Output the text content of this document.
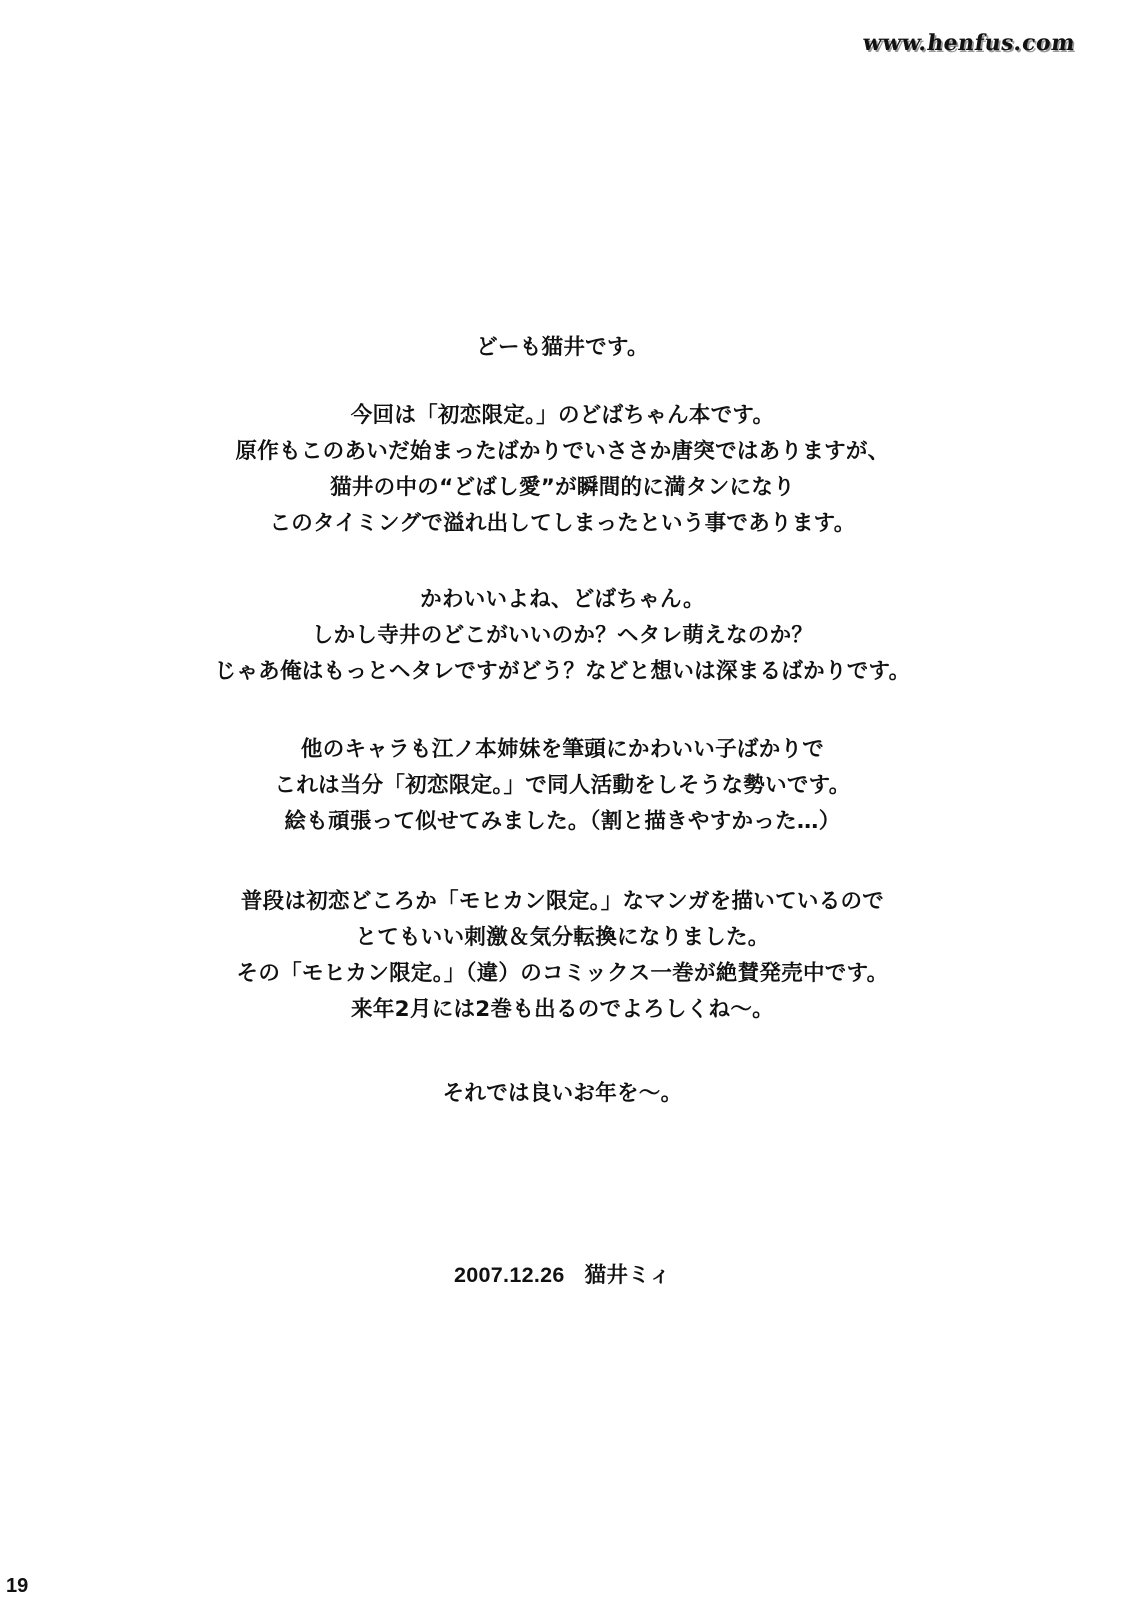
www.henfus.com
どーも猫井です。
今回は「初恋限定。」のどばちゃん本です。
原作もこのあいだ始まったばかりでいささか唐突ではありますが、
猫井の中の“どばし愛”が瞬間的に満タンになり
このタイミングで溢れ出してしまったという事であります。
かわいいよね、どばちゃん。
しかし寺井のどこがいいのか？ヘタレ萌えなのか？
じゃあ俺はもっとヘタレですがどう？などと想いは深まるばかりです。
他のキャラも江ノ本姉妹を筆頭にかわいい子ばかりで
これは当分「初恋限定。」で同人活動をしそうな勢いです。
絵も頑張って似せてみました。（割と描きやすかった…）
普段は初恋どころか「モヒカン限定。」なマンガを描いているので
とてもいい刺激＆気分転換になりました。
その「モヒカン限定。」（違）のコミックス一巻が絶賛発売中です。
来年2月には2巻も出るのでよろしくね～。
それでは良いお年を～。
2007.12.26 猫井ミィ
19
